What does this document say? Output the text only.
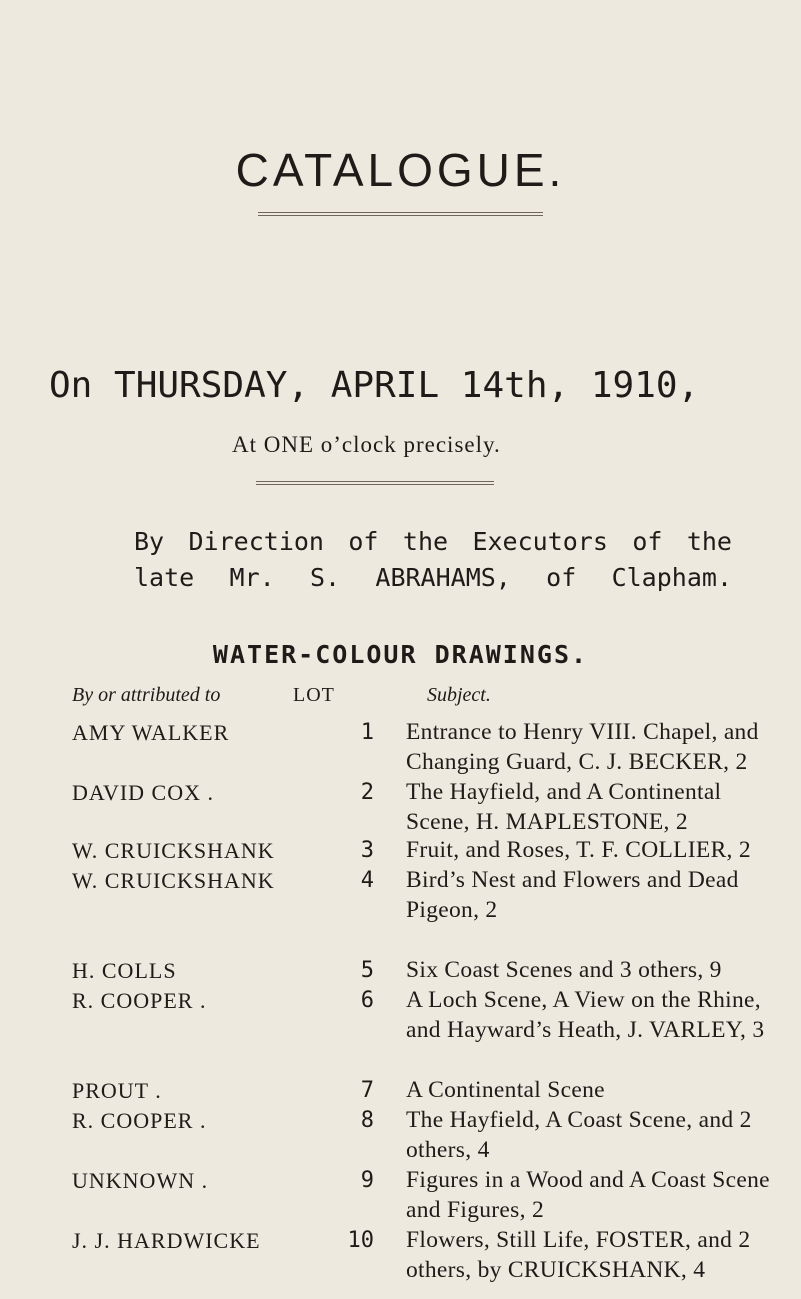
CATALOGUE.
On THURSDAY, APRIL 14th, 1910,
At ONE o’clock precisely.
By Direction of the Executors of the late Mr. S. ABRAHAMS, of Clapham.
WATER-COLOUR DRAWINGS.
By or attributed to	LOT	Subject.
AMY WALKER	1 Entrance to Henry VIII. Chapel, and Changing Guard, C. J. BECKER, 2
DAVID COX .	2 The Hayfield, and A Continental Scene, H. MAPLESTONE, 2
W. CRUICKSHANK	3 Fruit, and Roses, T. F. COLLIER, 2
W. CRUICKSHANK	4 Bird’s Nest and Flowers and Dead Pigeon, 2
H. COLLS	5 Six Coast Scenes and 3 others, 9
R. COOPER .	6 A Loch Scene, A View on the Rhine, and Hayward’s Heath, J. VARLEY, 3
PROUT .	7 A Continental Scene
R. COOPER .	8 The Hayfield, A Coast Scene, and 2 others, 4
UNKNOWN .	9 Figures in a Wood and A Coast Scene and Figures, 2
J. J. HARDWICKE	10 Flowers, Still Life, FOSTER, and 2 others, by CRUICKSHANK, 4
